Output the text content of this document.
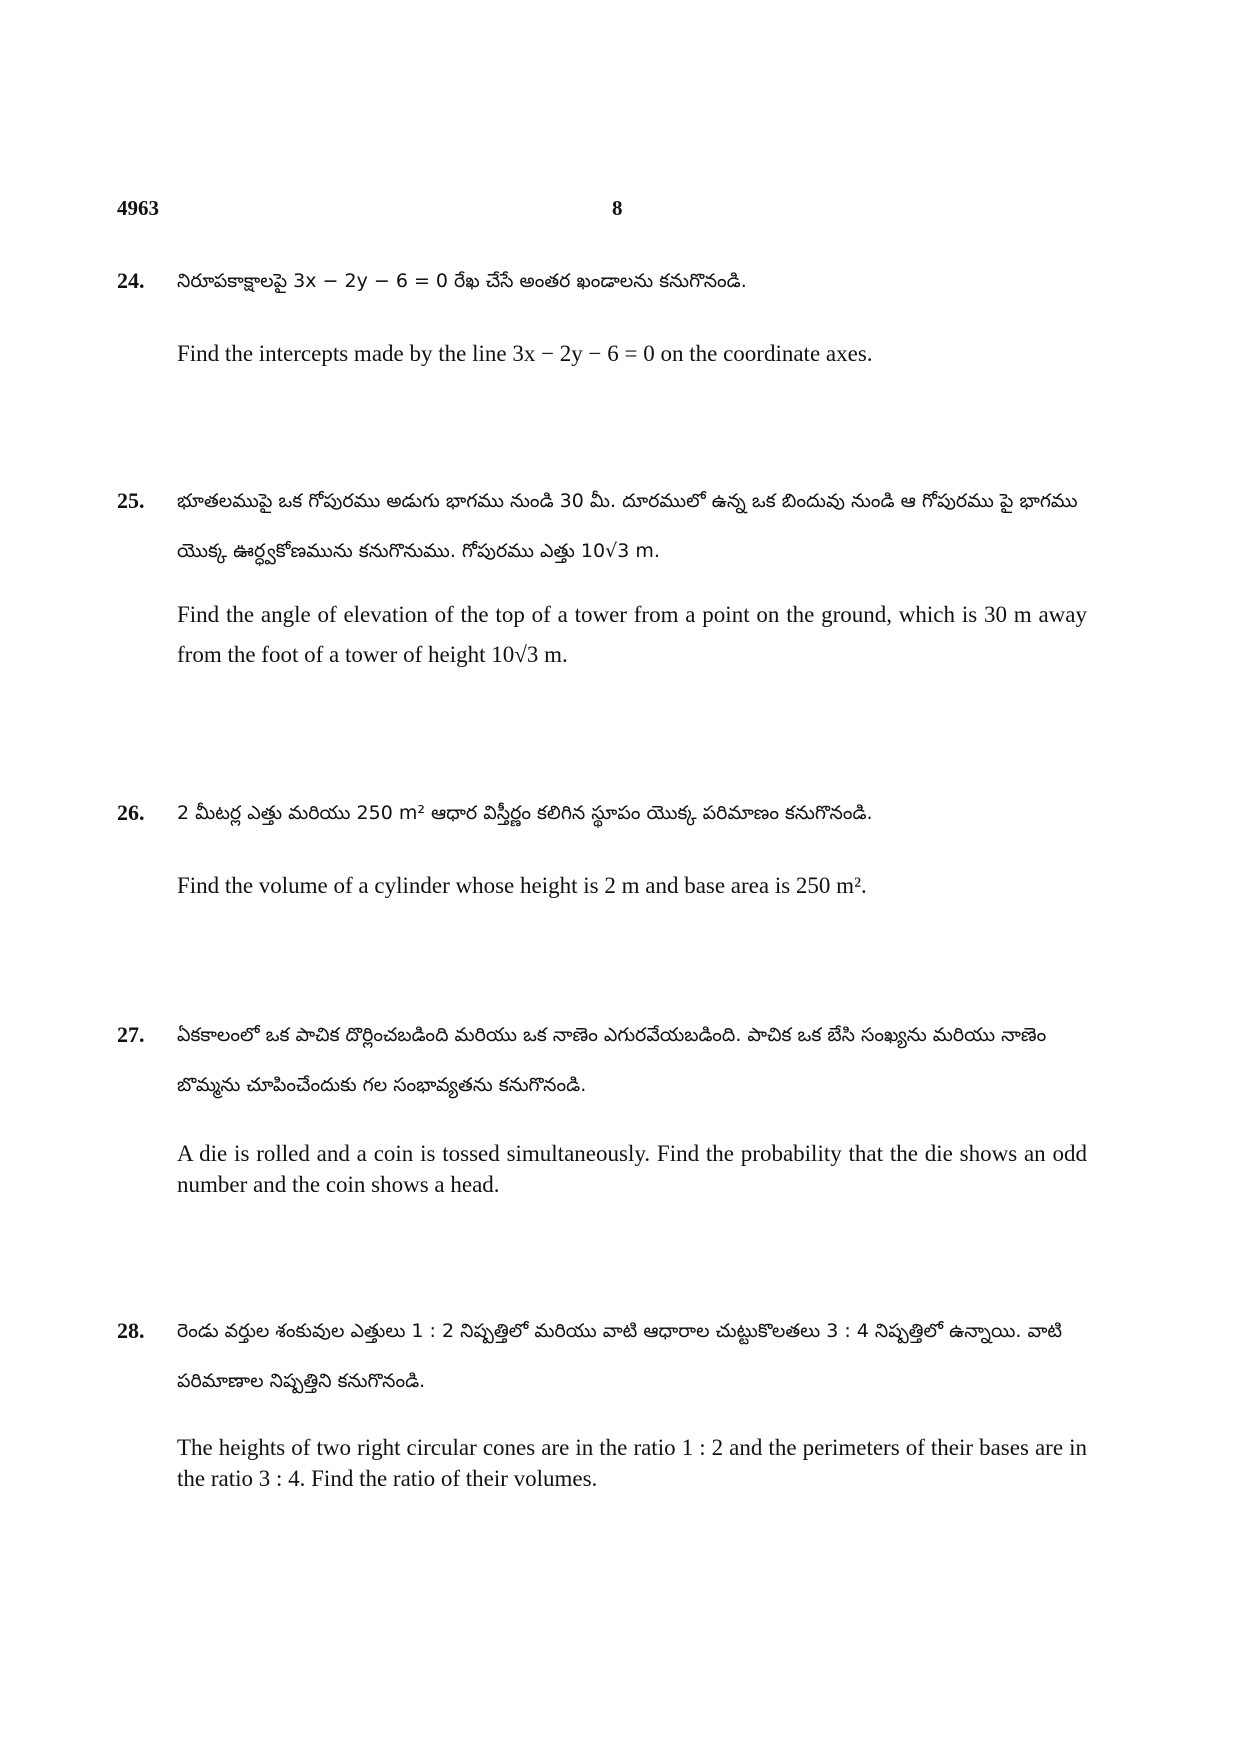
4963	8
24. నిరూపకాక్షాలపై 3x − 2y − 6 = 0 రేఖ చేసే అంతర ఖండాలను కనుగొనండి.
Find the intercepts made by the line 3x − 2y − 6 = 0 on the coordinate axes.
25. భూతలముపై ఒక గోపురము అడుగు భాగము నుండి 30 మీ. దూరములో ఉన్న ఒక బిందువు నుండి ఆ గోపురము పై భాగము యొక్క ఊర్ధ్వకోణమును కనుగొనుము. గోపురము ఎత్తు 10√3 m.
Find the angle of elevation of the top of a tower from a point on the ground, which is 30 m away from the foot of a tower of height 10√3 m.
26. 2 మీటర్ల ఎత్తు మరియు 250 m² ఆధార విస్తీర్ణం కలిగిన స్థూపం యొక్క పరిమాణం కనుగొనండి.
Find the volume of a cylinder whose height is 2 m and base area is 250 m².
27. ఏకకాలంలో ఒక పాచిక దొర్లించబడింది మరియు ఒక నాణెం ఎగురవేయబడింది. పాచిక ఒక బేసి సంఖ్యను మరియు నాణెం బొమ్మను చూపించేందుకు గల సంభావ్యతను కనుగొనండి.
A die is rolled and a coin is tossed simultaneously. Find the probability that the die shows an odd number and the coin shows a head.
28. రెండు వర్తుల శంకువుల ఎత్తులు 1 : 2 నిష్పత్తిలో మరియు వాటి ఆధారాల చుట్టుకొలతలు 3 : 4 నిష్పత్తిలో ఉన్నాయి. వాటి పరిమాణాల నిష్పత్తిని కనుగొనండి.
The heights of two right circular cones are in the ratio 1 : 2 and the perimeters of their bases are in the ratio 3 : 4. Find the ratio of their volumes.
